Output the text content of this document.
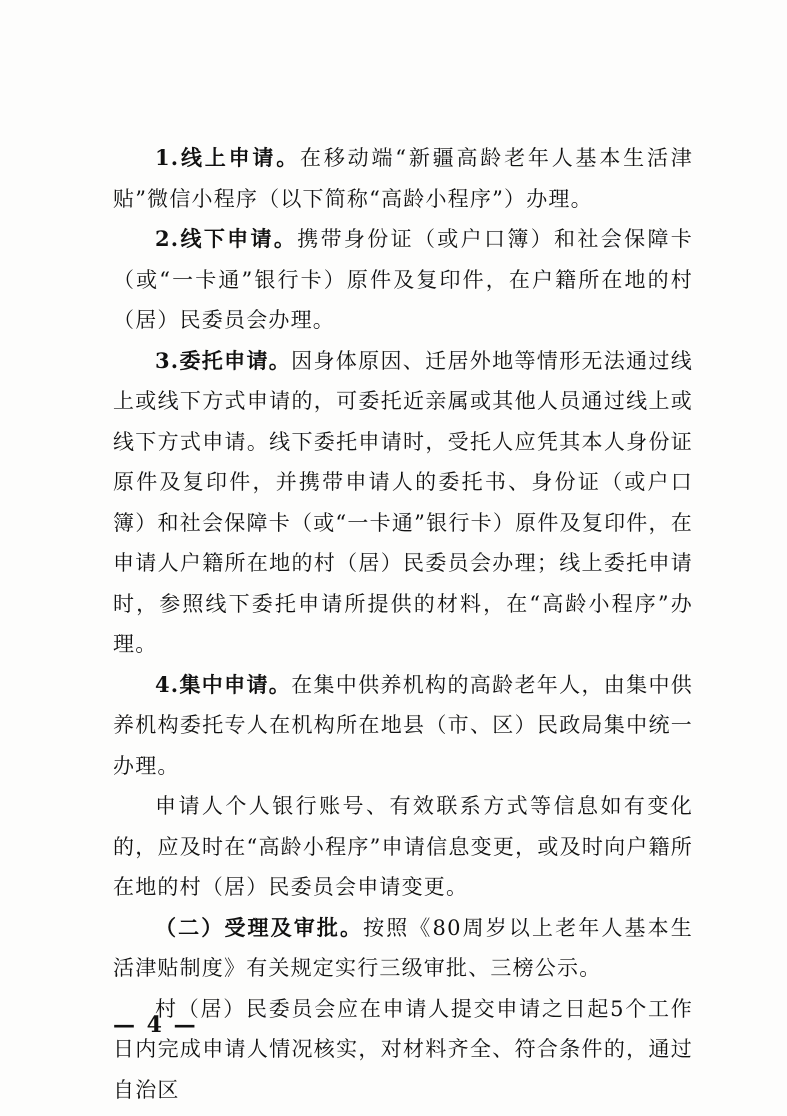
1.线上申请。在移动端“新疆高龄老年人基本生活津贴”微信小程序（以下简称“高龄小程序”）办理。

2.线下申请。携带身份证（或户口簿）和社会保障卡（或“一卡通”银行卡）原件及复印件，在户籍所在地的村（居）民委员会办理。

3.委托申请。因身体原因、迁居外地等情形无法通过线上或线下方式申请的，可委托近亲属或其他人员通过线上或线下方式申请。线下委托申请时，受托人应凭其本人身份证原件及复印件，并携带申请人的委托书、身份证（或户口簿）和社会保障卡（或“一卡通”银行卡）原件及复印件，在申请人户籍所在地的村（居）民委员会办理；线上委托申请时，参照线下委托申请所提供的材料，在“高龄小程序”办理。

4.集中申请。在集中供养机构的高龄老年人，由集中供养机构委托专人在机构所在地县（市、区）民政局集中统一办理。

申请人个人银行账号、有效联系方式等信息如有变化的，应及时在“高龄小程序”申请信息变更，或及时向户籍所在地的村（居）民委员会申请变更。

（二）受理及审批。按照《80周岁以上老年人基本生活津贴制度》有关规定实行三级审批、三榜公示。

村（居）民委员会应在申请人提交申请之日起5个工作日内完成申请人情况核实，对材料齐全、符合条件的，通过自治区

— 4 —
